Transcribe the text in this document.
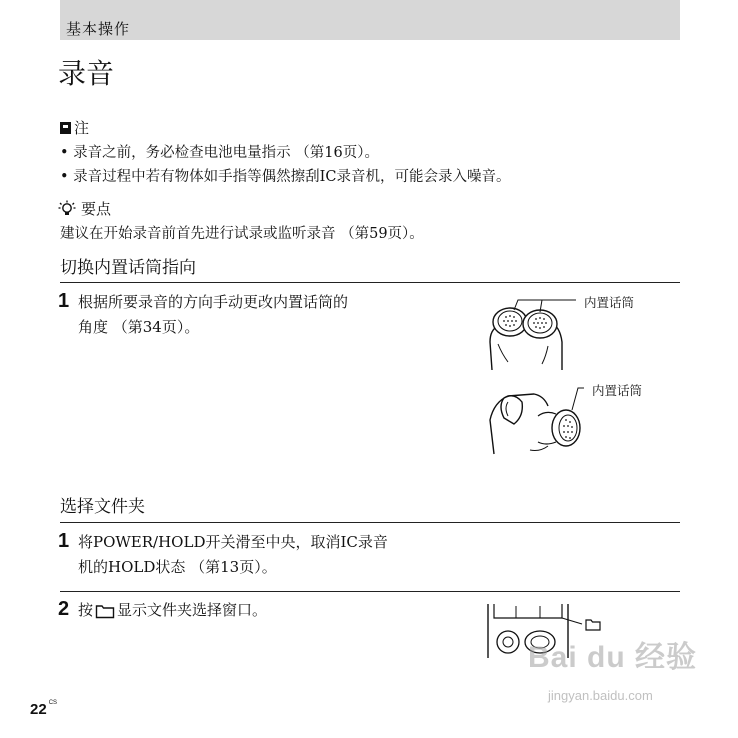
基本操作
录音
注
• 录音之前，务必检查电池电量指示 （第16页）。
• 录音过程中若有物体如手指等偶然擦刮IC录音机，可能会录入噪音。
要点
建议在开始录音前首先进行试录或监听录音 （第59页）。
切换内置话筒指向
1 根据所要录音的方向手动更改内置话筒的
角度 （第34页）。
内置话筒
内置话筒
选择文件夹
1 将POWER/HOLD开关滑至中央，取消IC录音
机的HOLD状态 （第13页）。
2 按 显示文件夹选择窗口。
Bai du 经验
jingyan.baidu.com
22 $^{CS}$
